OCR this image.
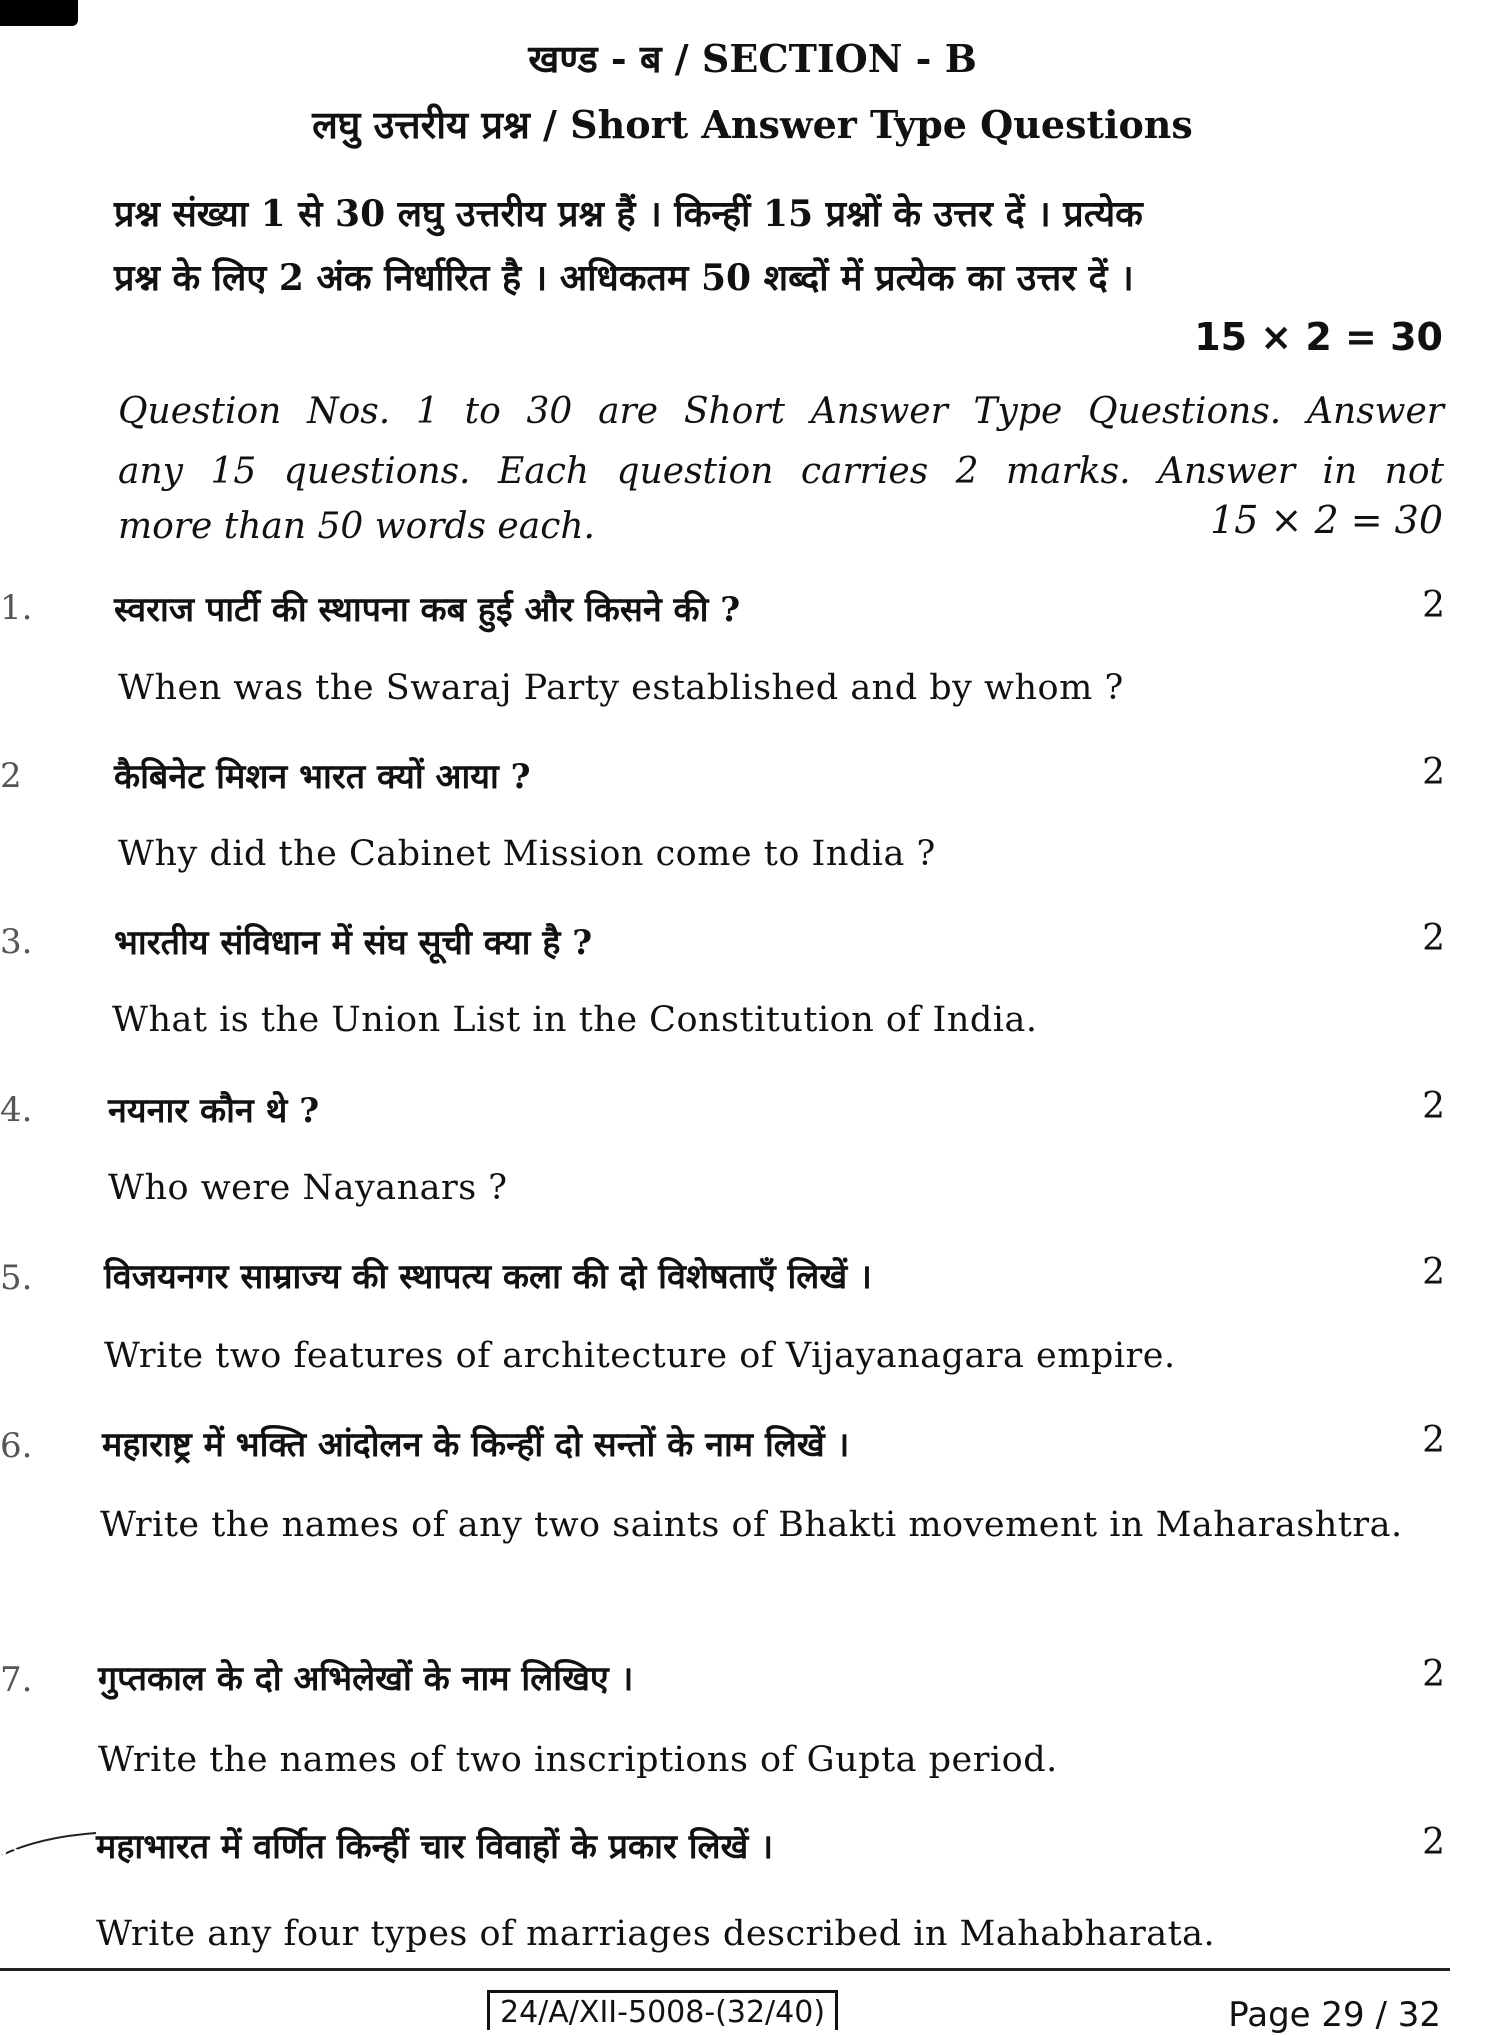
खण्ड - ब / SECTION - B
लघु उत्तरीय प्रश्न / Short Answer Type Questions
प्रश्न संख्या 1 से 30 लघु उत्तरीय प्रश्न हैं । किन्हीं 15 प्रश्नों के उत्तर दें । प्रत्येक
प्रश्न के लिए 2 अंक निर्धारित है । अधिकतम 50 शब्दों में प्रत्येक का उत्तर दें ।
15 × 2 = 30
Question Nos. 1 to 30 are Short Answer Type Questions. Answer
any 15 questions. Each question carries 2 marks. Answer in not
more than 50 words each.	15 × 2 = 30
1. स्वराज पार्टी की स्थापना कब हुई और किसने की ?	2
When was the Swaraj Party established and by whom ?
2	कैबिनेट मिशन भारत क्यों आया ?	2
Why did the Cabinet Mission come to India ?
3. भारतीय संविधान में संघ सूची क्या है ?	2
What is the Union List in the Constitution of India.
4. नयनार कौन थे ?	2
Who were Nayanars ?
5. विजयनगर साम्राज्य की स्थापत्य कला की दो विशेषताएँ लिखें ।	2
Write two features of architecture of Vijayanagara empire.
6. महाराष्ट्र में भक्ति आंदोलन के किन्हीं दो सन्तों के नाम लिखें ।	2
Write the names of any two saints of Bhakti movement in Maharashtra.
7. गुप्तकाल के दो अभिलेखों के नाम लिखिए ।	2
Write the names of two inscriptions of Gupta period.
8. महाभारत में वर्णित किन्हीं चार विवाहों के प्रकार लिखें ।	2
Write any four types of marriages described in Mahabharata.
24/A/XII-5008-(32/40)	Page 29 / 32
